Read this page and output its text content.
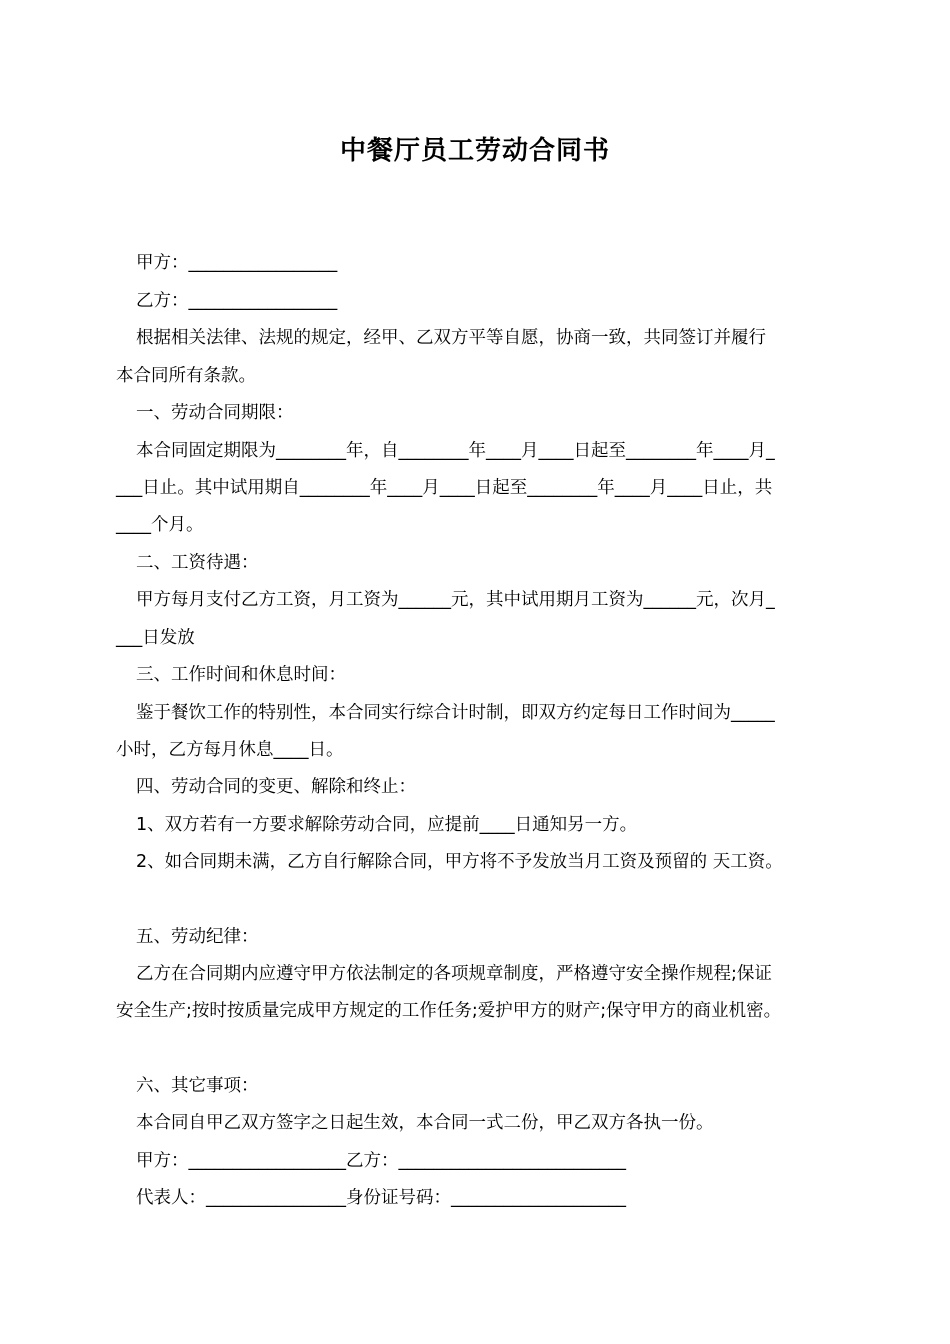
中餐厅员工劳动合同书
甲方：_________________
乙方：_________________
根据相关法律、法规的规定，经甲、乙双方平等自愿，协商一致，共同签订并履行
本合同所有条款。
一、劳动合同期限：
本合同固定期限为________年，自________年____月____日起至________年____月_
___日止。其中试用期自________年____月____日起至________年____月____日止，共
____个月。
二、工资待遇：
甲方每月支付乙方工资，月工资为______元，其中试用期月工资为______元，次月_
___日发放
三、工作时间和休息时间：
鉴于餐饮工作的特别性，本合同实行综合计时制，即双方约定每日工作时间为_____
小时，乙方每月休息____日。
四、劳动合同的变更、解除和终止：
1、双方若有一方要求解除劳动合同，应提前____日通知另一方。
2、如合同期未满，乙方自行解除合同，甲方将不予发放当月工资及预留的 天工资。
五、劳动纪律：
乙方在合同期内应遵守甲方依法制定的各项规章制度，严格遵守安全操作规程;保证
安全生产;按时按质量完成甲方规定的工作任务;爱护甲方的财产;保守甲方的商业机密。
六、其它事项：
本合同自甲乙双方签字之日起生效，本合同一式二份，甲乙双方各执一份。
甲方：__________________乙方：__________________________
代表人：________________身份证号码：____________________
